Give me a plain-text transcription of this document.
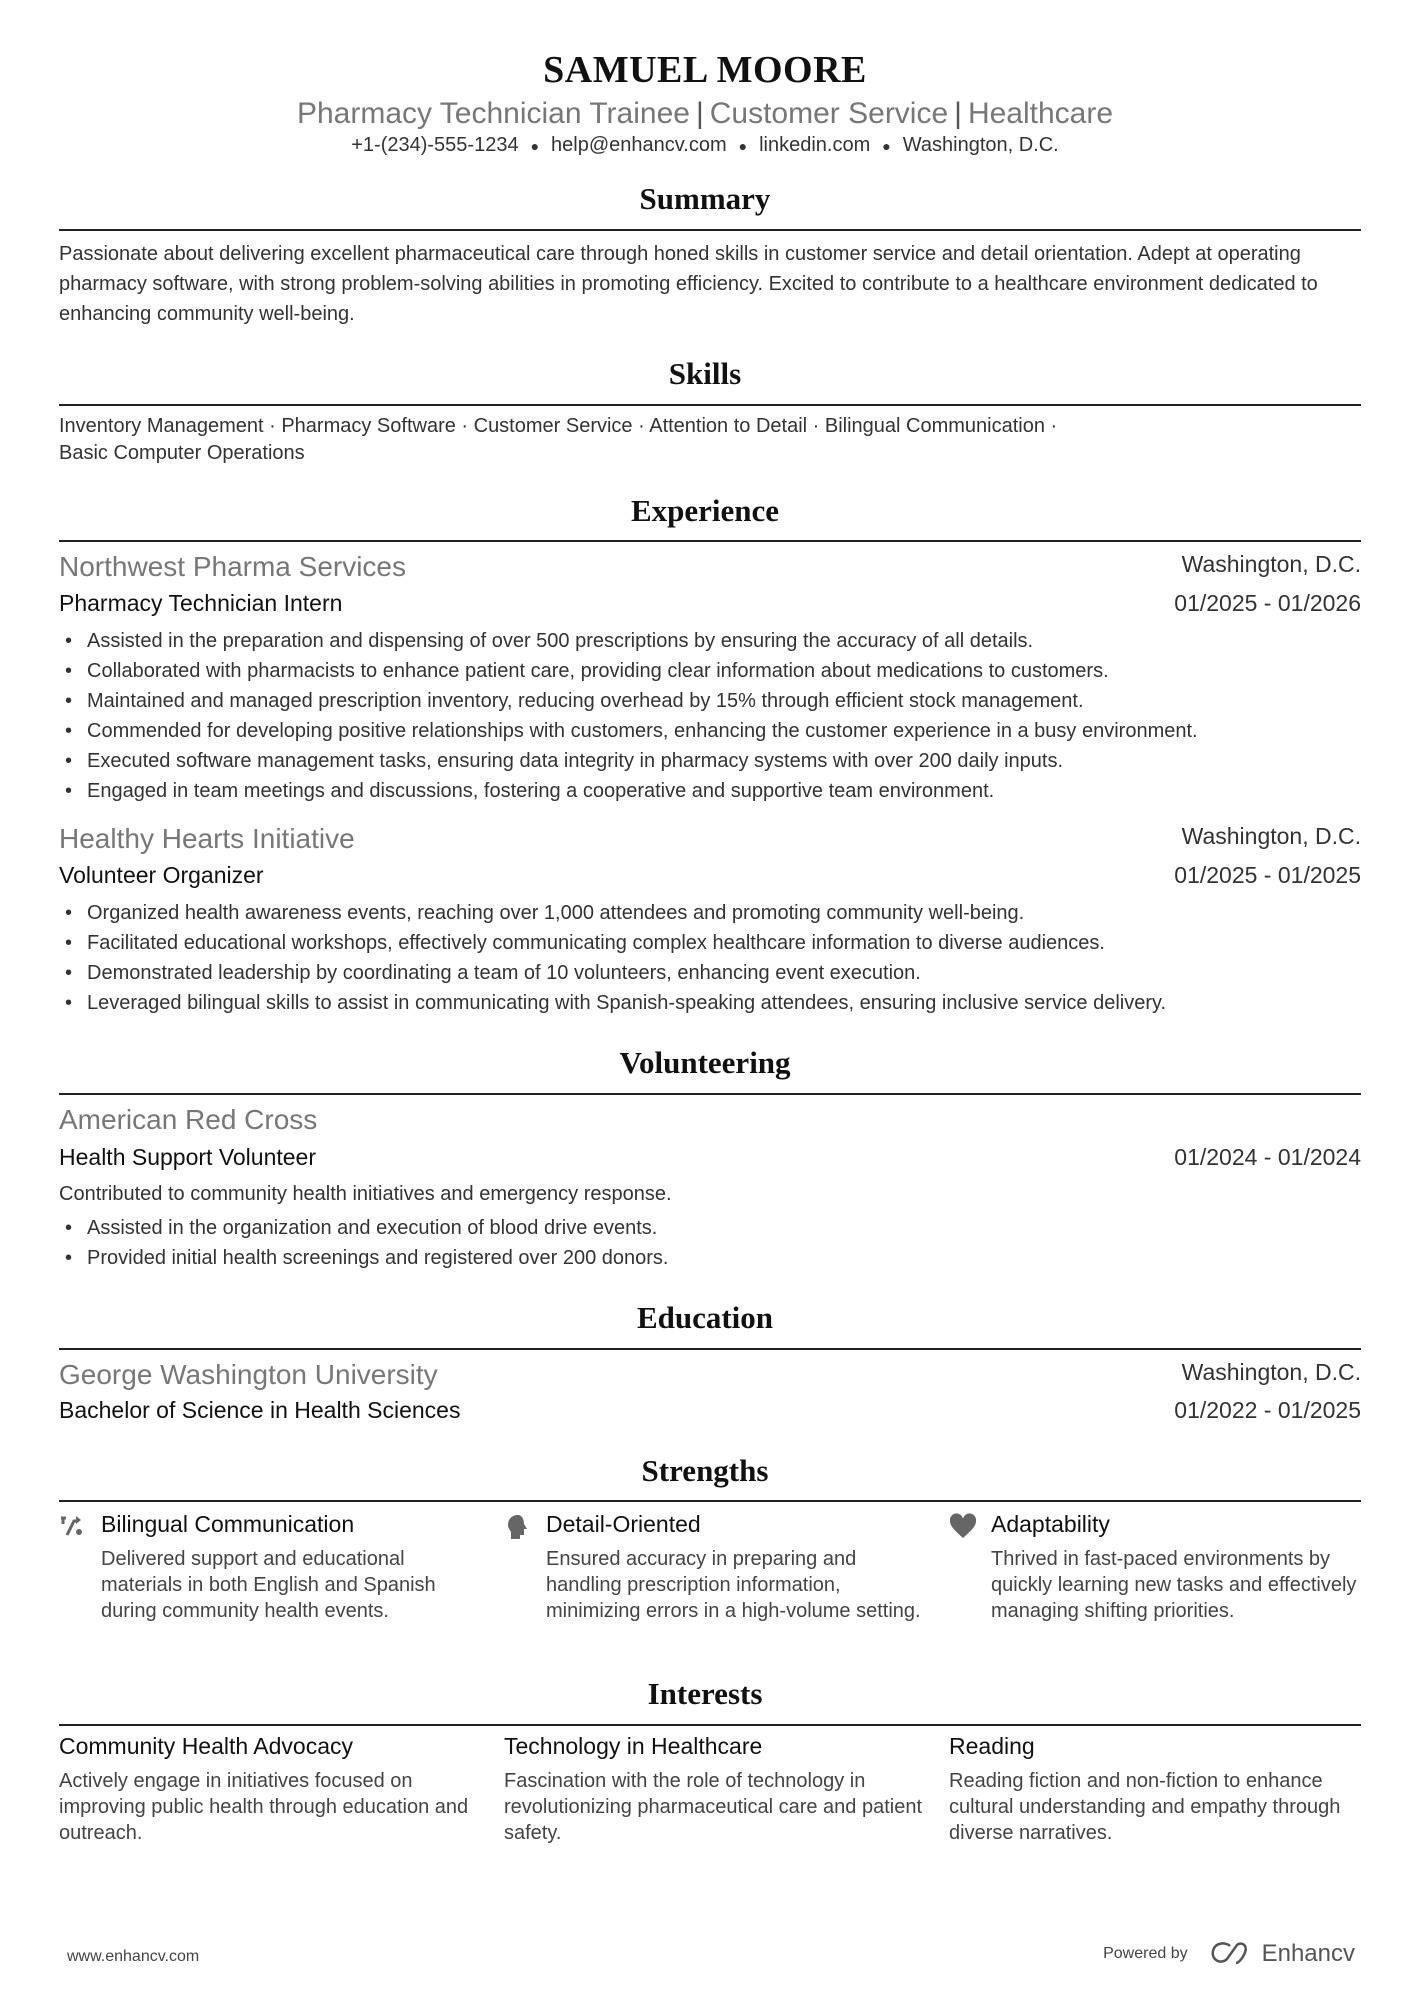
SAMUEL MOORE
Pharmacy Technician Trainee | Customer Service | Healthcare
+1-(234)-555-1234 ● help@enhancv.com ● linkedin.com ● Washington, D.C.
Summary
Passionate about delivering excellent pharmaceutical care through honed skills in customer service and detail orientation. Adept at operating pharmacy software, with strong problem-solving abilities in promoting efficiency. Excited to contribute to a healthcare environment dedicated to enhancing community well-being.
Skills
Inventory Management · Pharmacy Software · Customer Service · Attention to Detail · Bilingual Communication ·
Basic Computer Operations
Experience
Northwest Pharma Services	Washington, D.C.
Pharmacy Technician Intern	01/2025 - 01/2026
• Assisted in the preparation and dispensing of over 500 prescriptions by ensuring the accuracy of all details.
• Collaborated with pharmacists to enhance patient care, providing clear information about medications to customers.
• Maintained and managed prescription inventory, reducing overhead by 15% through efficient stock management.
• Commended for developing positive relationships with customers, enhancing the customer experience in a busy environment.
• Executed software management tasks, ensuring data integrity in pharmacy systems with over 200 daily inputs.
• Engaged in team meetings and discussions, fostering a cooperative and supportive team environment.
Healthy Hearts Initiative	Washington, D.C.
Volunteer Organizer	01/2025 - 01/2025
• Organized health awareness events, reaching over 1,000 attendees and promoting community well-being.
• Facilitated educational workshops, effectively communicating complex healthcare information to diverse audiences.
• Demonstrated leadership by coordinating a team of 10 volunteers, enhancing event execution.
• Leveraged bilingual skills to assist in communicating with Spanish-speaking attendees, ensuring inclusive service delivery.
Volunteering
American Red Cross
Health Support Volunteer	01/2024 - 01/2024
Contributed to community health initiatives and emergency response.
• Assisted in the organization and execution of blood drive events.
• Provided initial health screenings and registered over 200 donors.
Education
George Washington University	Washington, D.C.
Bachelor of Science in Health Sciences	01/2022 - 01/2025
Strengths
Bilingual Communication
Delivered support and educational materials in both English and Spanish during community health events.
Detail-Oriented
Ensured accuracy in preparing and handling prescription information, minimizing errors in a high-volume setting.
Adaptability
Thrived in fast-paced environments by quickly learning new tasks and effectively managing shifting priorities.
Interests
Community Health Advocacy
Actively engage in initiatives focused on improving public health through education and outreach.
Technology in Healthcare
Fascination with the role of technology in revolutionizing pharmaceutical care and patient safety.
Reading
Reading fiction and non-fiction to enhance cultural understanding and empathy through diverse narratives.
www.enhancv.com	Powered by	Enhancv
